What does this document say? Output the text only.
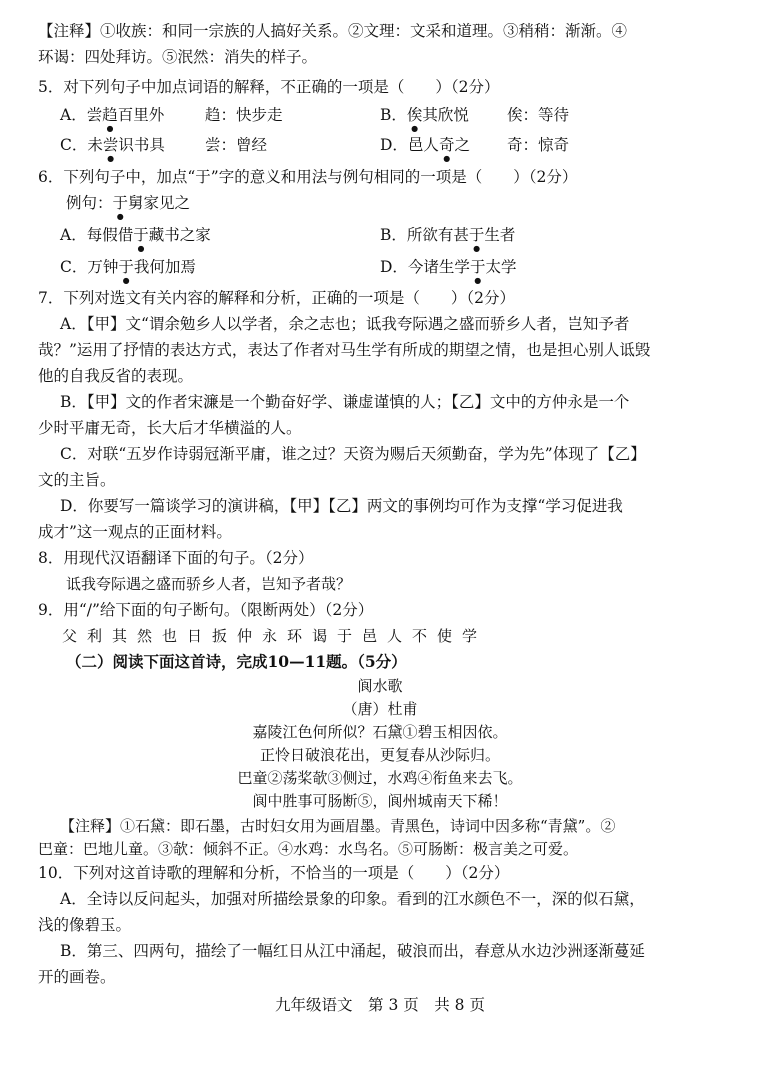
【注释】①收族：和同一宗族的人搞好关系。②文理：文采和道理。③稍稍：渐渐。④

环谒：四处拜访。⑤泯然：消失的样子。

5．对下列句子中加点词语的解释，不正确的一项是（　　）（2分）

A．尝趋百里外	趋：快步走	B．俟其欣悦 俟：等待
C．未尝识书具	尝：曾经	D．邑人奇之 奇：惊奇

6．下列句子中，加点“于”字的意义和用法与例句相同的一项是（　　）（2分）

例句：于舅家见之
A．每假借于藏书之家	B．所欲有甚于生者
C．万钟于我何加焉	D．今诸生学于太学

7．下列对选文有关内容的解释和分析，正确的一项是（　　）（2分）

A．【甲】文“谓余勉乡人以学者，余之志也；诋我夸际遇之盛而骄乡人者，岂知予者

哉？”运用了抒情的表达方式，表达了作者对马生学有所成的期望之情，也是担心别人诋毁

他的自我反省的表现。

B．【甲】文的作者宋濂是一个勤奋好学、谦虚谨慎的人；【乙】文中的方仲永是一个

少时平庸无奇，长大后才华横溢的人。

C．对联“五岁作诗弱冠渐平庸，谁之过？天资为赐后天须勤奋，学为先”体现了【乙】

文的主旨。

D．你要写一篇谈学习的演讲稿，【甲】【乙】两文的事例均可作为支撑“学习促进我

成才”这一观点的正面材料。

8．用现代汉语翻译下面的句子。（2分）

诋我夸际遇之盛而骄乡人者，岂知予者哉？

9．用“/”给下面的句子断句。（限断两处）（2分）

父利其然也日扳仲永环谒于邑人不使学

（二）阅读下面这首诗，完成10—11题。（5分）

阆水歌

（唐）杜甫

嘉陵江色何所似？石黛①碧玉相因依。

正怜日破浪花出，更复春从沙际归。

巴童②荡桨欹③侧过，水鸡④衔鱼来去飞。

阆中胜事可肠断⑤，阆州城南天下稀！

【注释】①石黛：即石墨，古时妇女用为画眉墨。青黑色，诗词中因多称“青黛”。②

巴童：巴地儿童。③欹：倾斜不正。④水鸡：水鸟名。⑤可肠断：极言美之可爱。

10．下列对这首诗歌的理解和分析，不恰当的一项是（　　）（2分）

A．全诗以反问起头，加强对所描绘景象的印象。看到的江水颜色不一，深的似石黛，

浅的像碧玉。

B．第三、四两句，描绘了一幅红日从江中涌起，破浪而出，春意从水边沙洲逐渐蔓延

开的画卷。

九年级语文　第 3 页　共 8 页
